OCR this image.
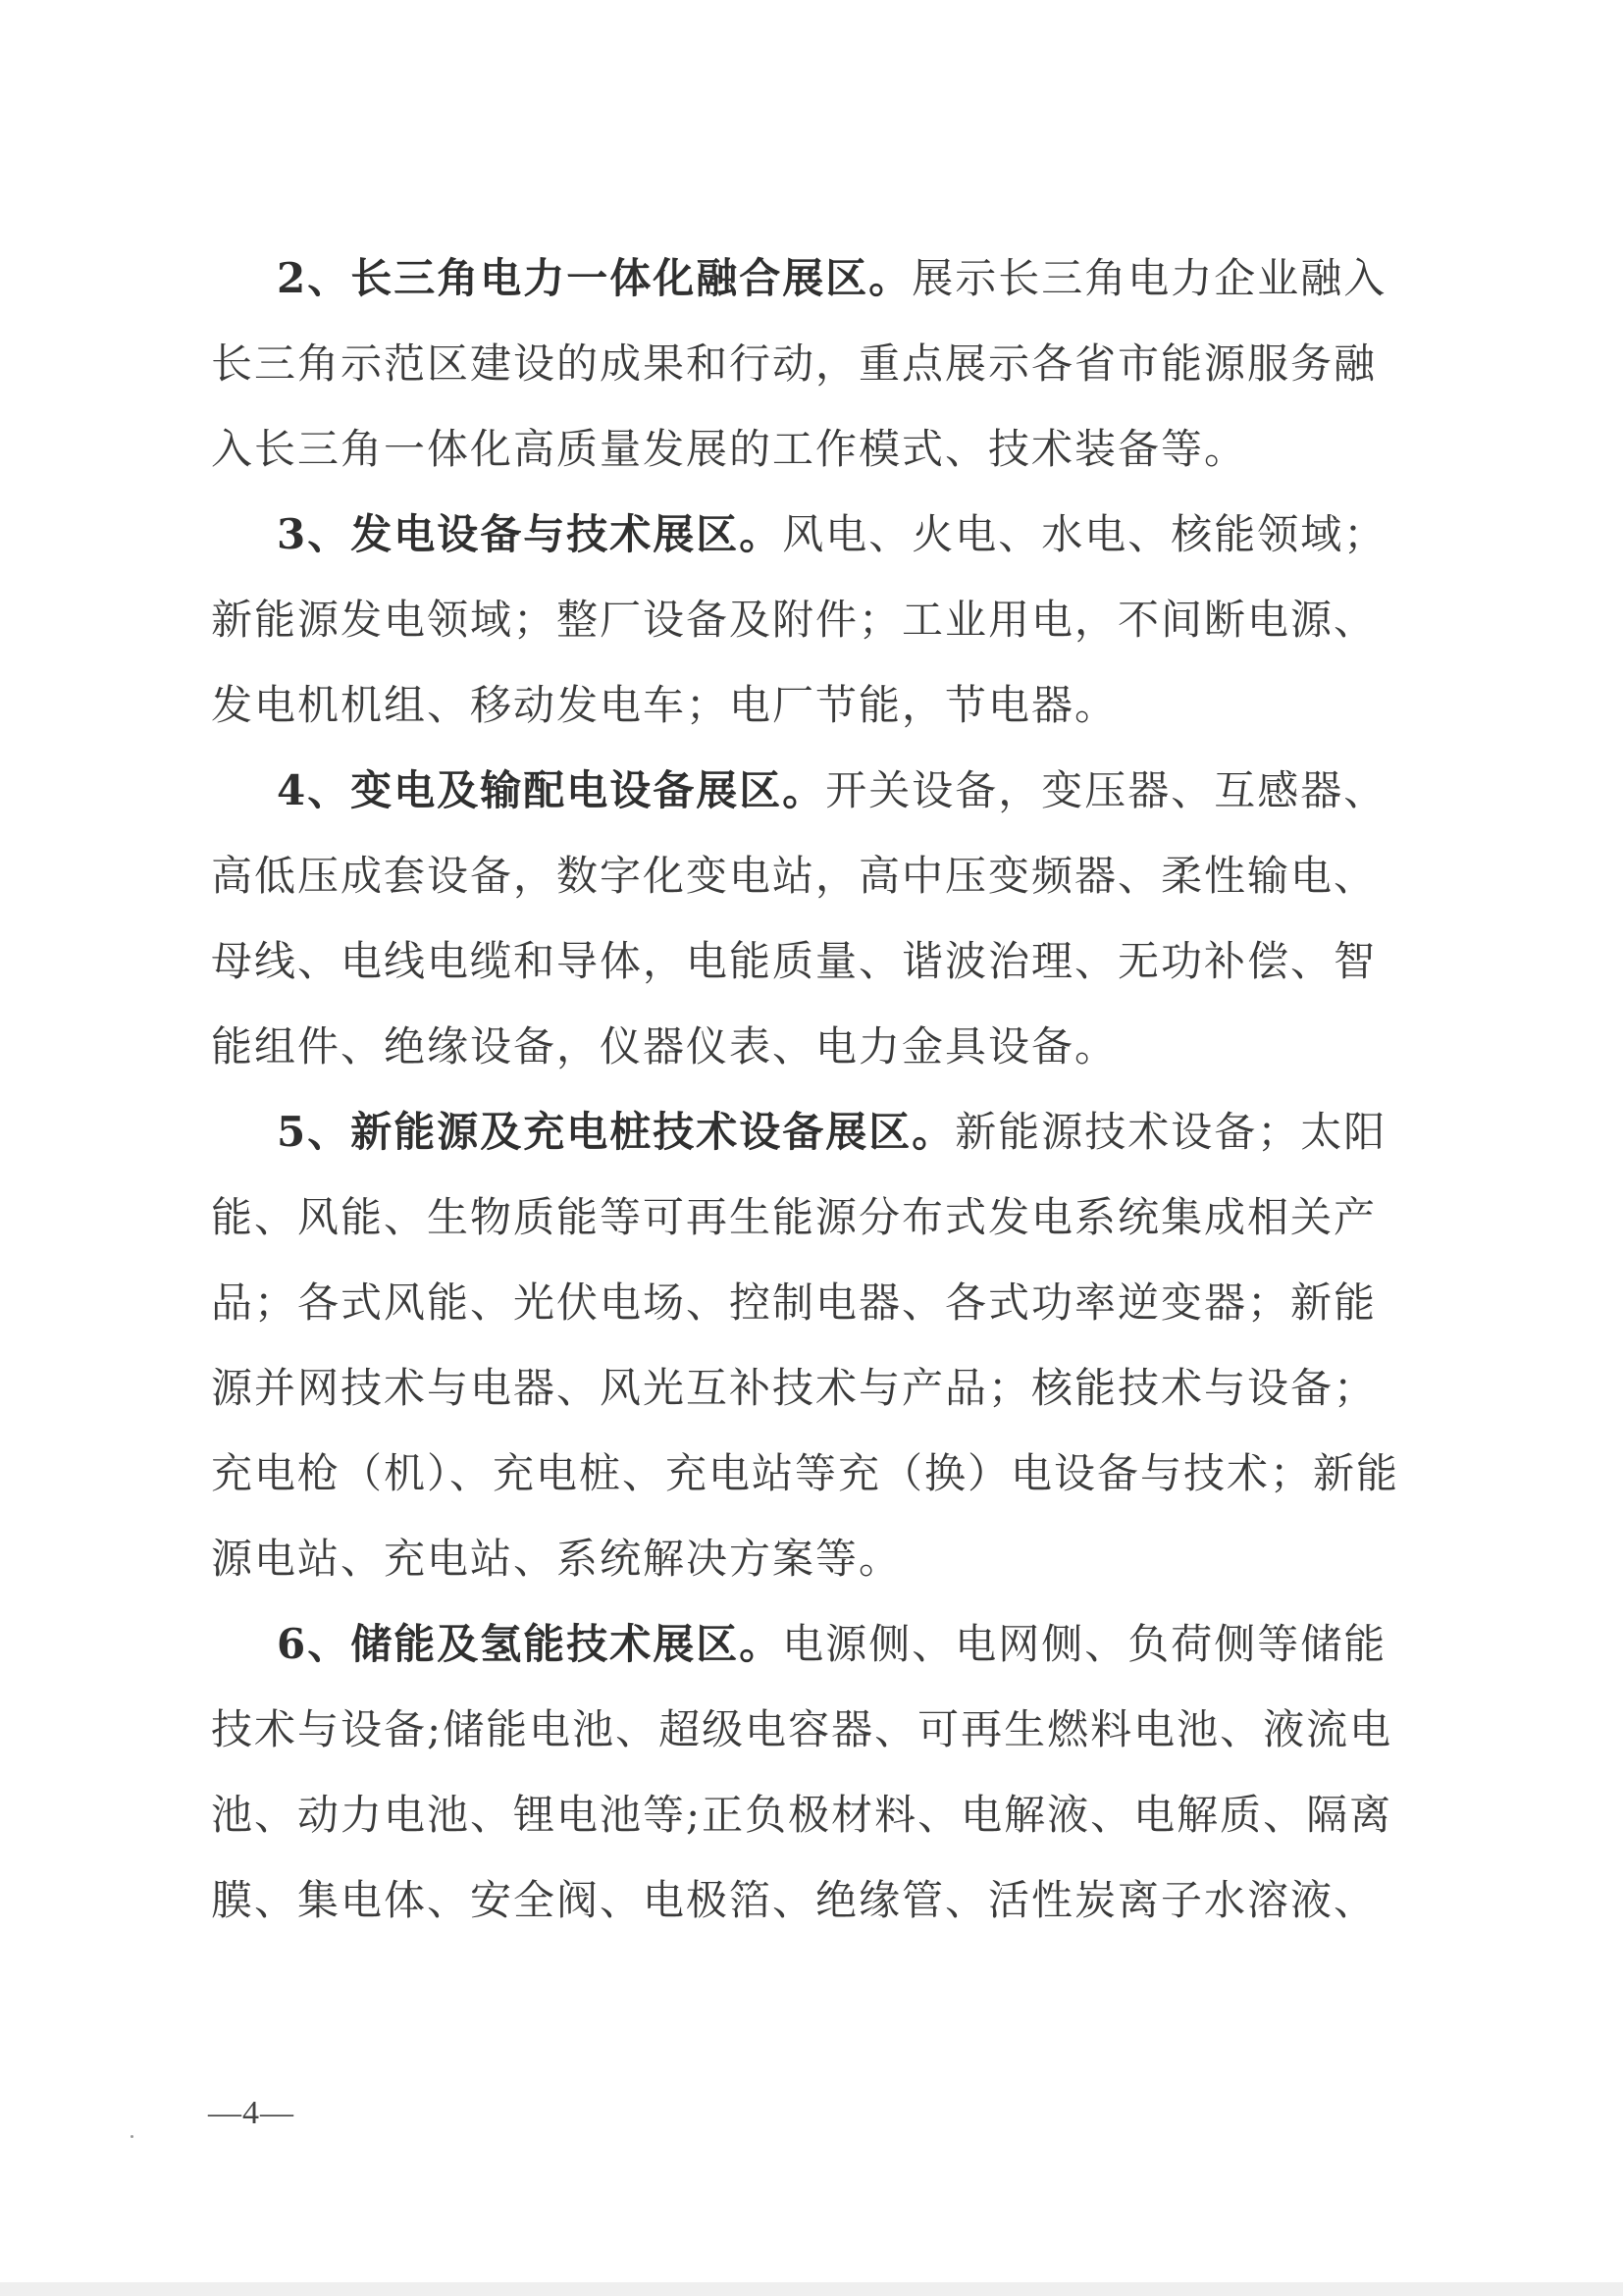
2、长三角电力一体化融合展区。展示长三角电力企业融入
长三角示范区建设的成果和行动，重点展示各省市能源服务融
入长三角一体化高质量发展的工作模式、技术装备等。
3、发电设备与技术展区。风电、火电、水电、核能领域；
新能源发电领域；整厂设备及附件；工业用电，不间断电源、
发电机机组、移动发电车；电厂节能，节电器。
4、变电及输配电设备展区。开关设备，变压器、互感器、
高低压成套设备，数字化变电站，高中压变频器、柔性输电、
母线、电线电缆和导体，电能质量、谐波治理、无功补偿、智
能组件、绝缘设备，仪器仪表、电力金具设备。
5、新能源及充电桩技术设备展区。新能源技术设备；太阳
能、风能、生物质能等可再生能源分布式发电系统集成相关产
品；各式风能、光伏电场、控制电器、各式功率逆变器；新能
源并网技术与电器、风光互补技术与产品；核能技术与设备；
充电枪（机）、充电桩、充电站等充（换）电设备与技术；新能
源电站、充电站、系统解决方案等。
6、储能及氢能技术展区。电源侧、电网侧、负荷侧等储能
技术与设备;储能电池、超级电容器、可再生燃料电池、液流电
池、动力电池、锂电池等;正负极材料、电解液、电解质、隔离
膜、集电体、安全阀、电极箔、绝缘管、活性炭离子水溶液、
—4—
